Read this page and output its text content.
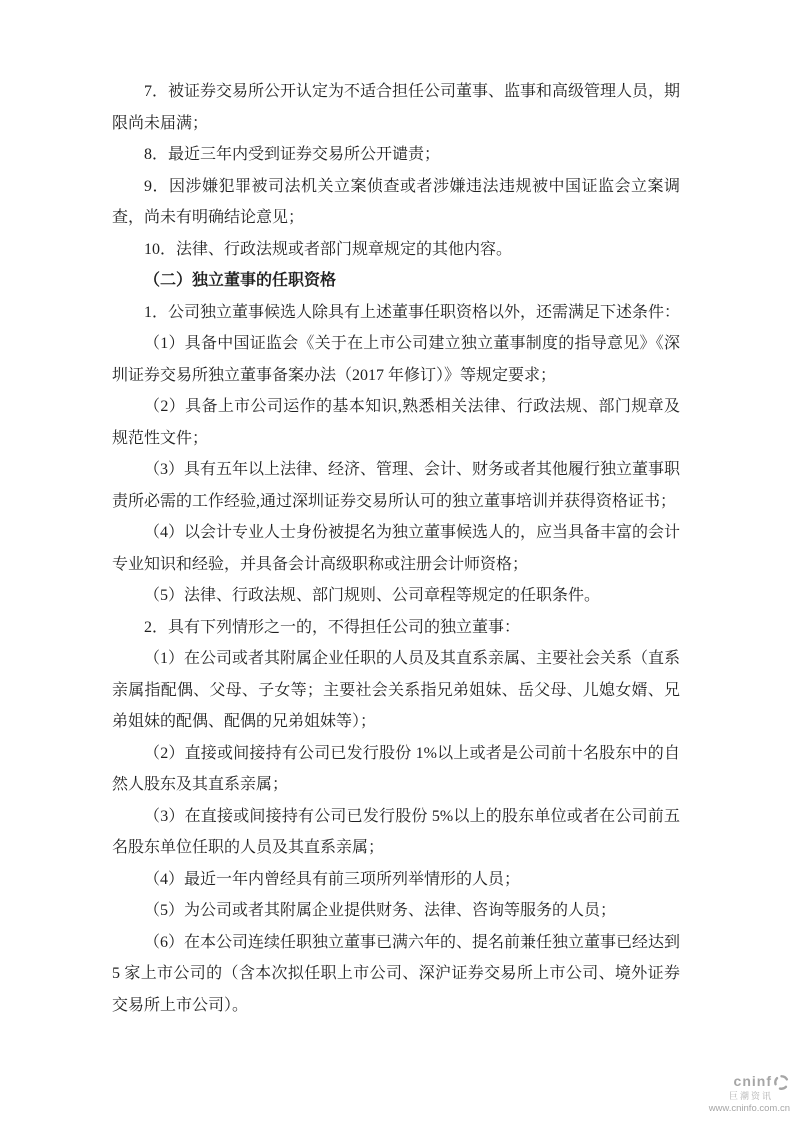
7．被证券交易所公开认定为不适合担任公司董事、监事和高级管理人员，期限尚未届满；

8．最近三年内受到证券交易所公开谴责；

9．因涉嫌犯罪被司法机关立案侦查或者涉嫌违法违规被中国证监会立案调查，尚未有明确结论意见；

10．法律、行政法规或者部门规章规定的其他内容。

（二）独立董事的任职资格

1．公司独立董事候选人除具有上述董事任职资格以外，还需满足下述条件：

（1）具备中国证监会《关于在上市公司建立独立董事制度的指导意见》《深圳证券交易所独立董事备案办法（2017 年修订）》等规定要求；

（2）具备上市公司运作的基本知识,熟悉相关法律、行政法规、部门规章及规范性文件；

（3）具有五年以上法律、经济、管理、会计、财务或者其他履行独立董事职责所必需的工作经验,通过深圳证券交易所认可的独立董事培训并获得资格证书；

（4）以会计专业人士身份被提名为独立董事候选人的，应当具备丰富的会计专业知识和经验，并具备会计高级职称或注册会计师资格；

（5）法律、行政法规、部门规则、公司章程等规定的任职条件。

2．具有下列情形之一的，不得担任公司的独立董事：

（1）在公司或者其附属企业任职的人员及其直系亲属、主要社会关系（直系亲属指配偶、父母、子女等；主要社会关系指兄弟姐妹、岳父母、儿媳女婿、兄弟姐妹的配偶、配偶的兄弟姐妹等）；

（2）直接或间接持有公司已发行股份 1%以上或者是公司前十名股东中的自然人股东及其直系亲属；

（3）在直接或间接持有公司已发行股份 5%以上的股东单位或者在公司前五名股东单位任职的人员及其直系亲属；

（4）最近一年内曾经具有前三项所列举情形的人员；

（5）为公司或者其附属企业提供财务、法律、咨询等服务的人员；

（6）在本公司连续任职独立董事已满六年的、提名前兼任独立董事已经达到 5 家上市公司的（含本次拟任职上市公司、深沪证券交易所上市公司、境外证券交易所上市公司）。

cninf
巨潮资讯
www.cninfo.com.cn
